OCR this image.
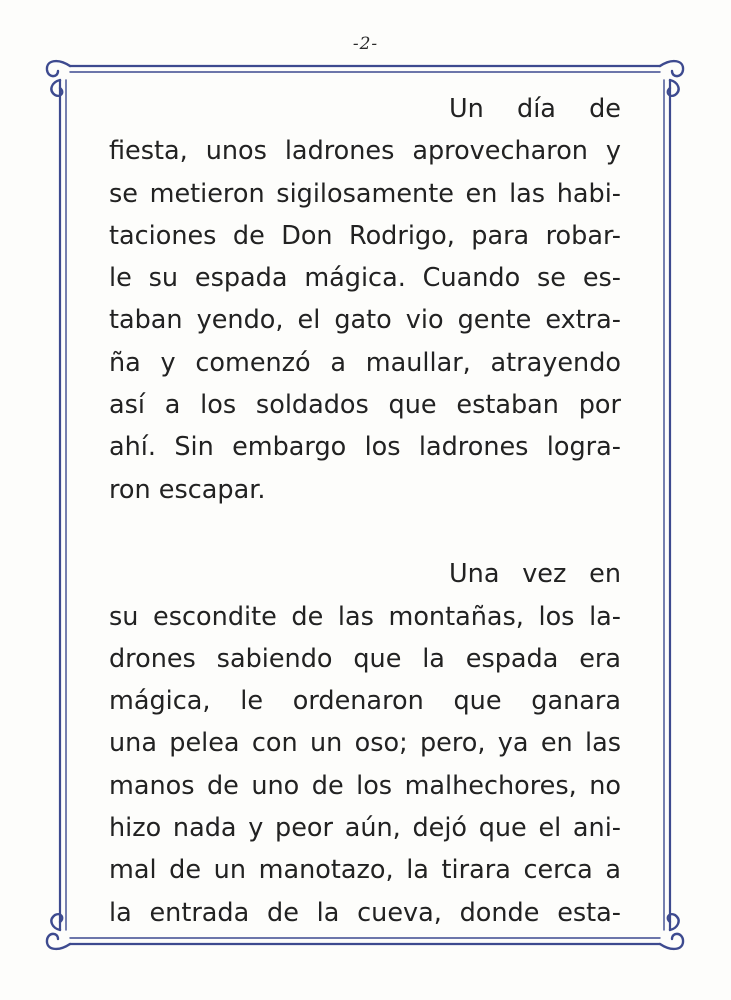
-2-
Un día de
fiesta, unos ladrones aprovecharon y
se metieron sigilosamente en las habi-
taciones de Don Rodrigo, para robar-
le su espada mágica. Cuando se es-
taban yendo, el gato vio gente extra-
ña y comenzó a maullar, atrayendo
así a los soldados que estaban por
ahí. Sin embargo los ladrones logra-
ron escapar.
Una vez en
su escondite de las montañas, los la-
drones sabiendo que la espada era
mágica, le ordenaron que ganara
una pelea con un oso; pero, ya en las
manos de uno de los malhechores, no
hizo nada y peor aún, dejó que el ani-
mal de un manotazo, la tirara cerca a
la entrada de la cueva, donde esta-
